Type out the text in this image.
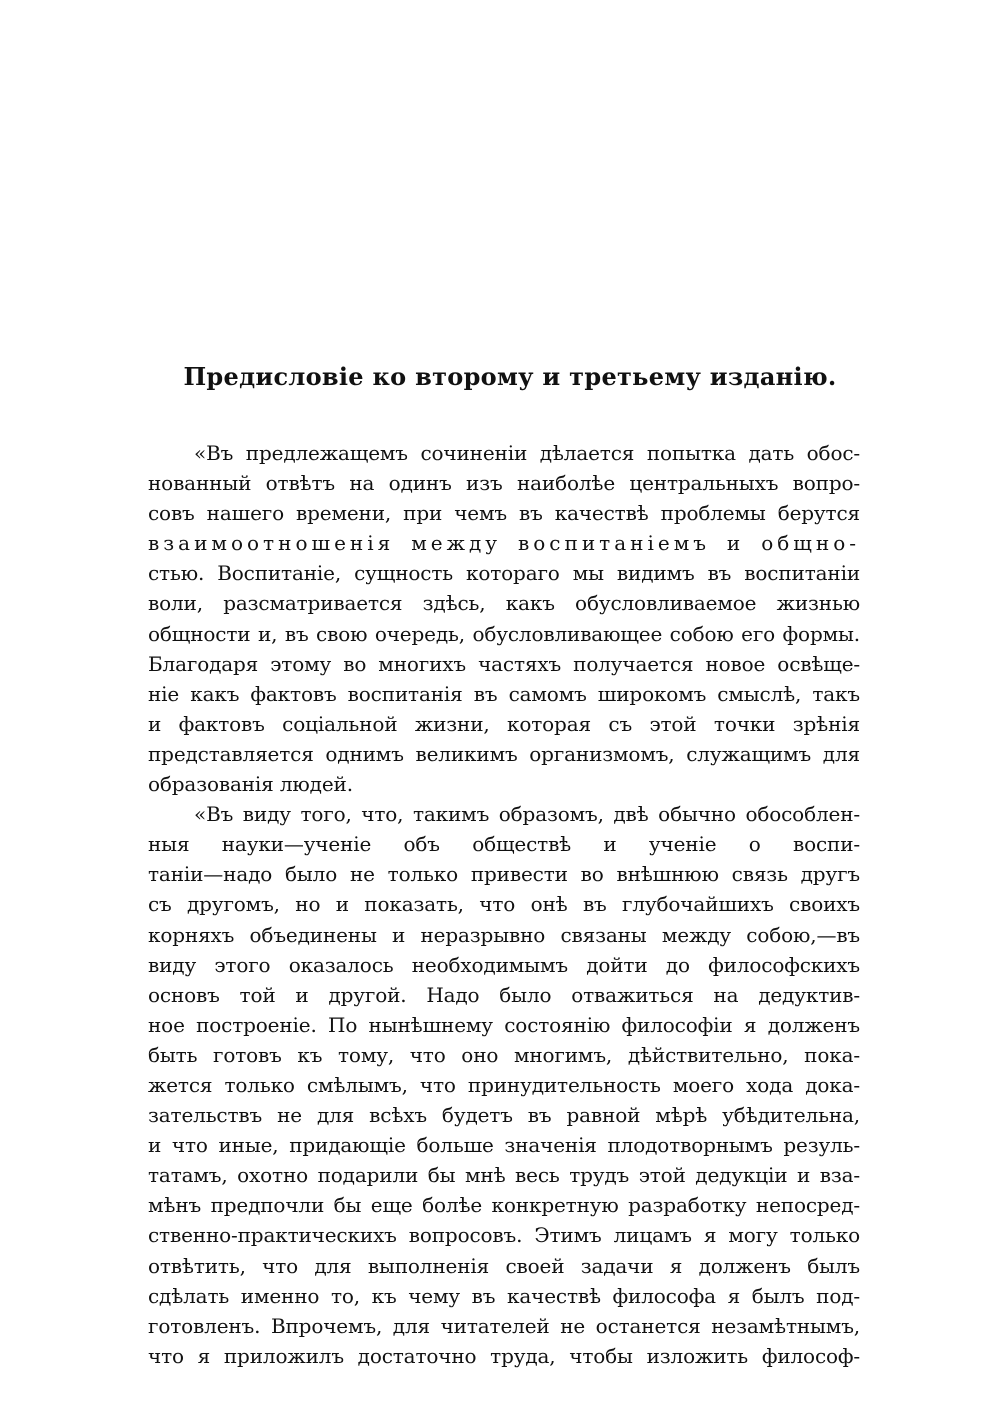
Предисловіе ко второму и третьему изданію.
«Въ предлежащемъ сочиненіи дѣлается попытка дать обос-
нованный отвѣтъ на одинъ изъ наиболѣе центральныхъ вопро-
совъ нашего времени, при чемъ въ качествѣ проблемы берутся
взаимоотношенія между воспитаніемъ и общно-
стью. Воспитаніе, сущность котораго мы видимъ въ воспитаніи
воли, разсматривается здѣсь, какъ обусловливаемое жизнью
общности и, въ свою очередь, обусловливающее собою его формы.
Благодаря этому во многихъ частяхъ получается новое освѣще-
ніе какъ фактовъ воспитанія въ самомъ широкомъ смыслѣ, такъ
и фактовъ соціальной жизни, которая съ этой точки зрѣнія
представляется однимъ великимъ организмомъ, служащимъ для
образованія людей.
«Въ виду того, что, такимъ образомъ, двѣ обычно обособлен-
ныя науки—ученіе объ обществѣ и ученіе о воспи-
таніи—надо было не только привести во внѣшнюю связь другъ
съ другомъ, но и показать, что онѣ въ глубочайшихъ своихъ
корняхъ объединены и неразрывно связаны между собою,—въ
виду этого оказалось необходимымъ дойти до философскихъ
основъ той и другой. Надо было отважиться на дедуктив-
ное построеніе. По нынѣшнему состоянію философіи я долженъ
быть готовъ къ тому, что оно многимъ, дѣйствительно, пока-
жется только смѣлымъ, что принудительность моего хода дока-
зательствъ не для всѣхъ будетъ въ равной мѣрѣ убѣдительна,
и что иные, придающіе больше значенія плодотворнымъ резуль-
татамъ, охотно подарили бы мнѣ весь трудъ этой дедукціи и вза-
мѣнъ предпочли бы еще болѣе конкретную разработку непосред-
ственно-практическихъ вопросовъ. Этимъ лицамъ я могу только
отвѣтить, что для выполненія своей задачи я долженъ былъ
сдѣлать именно то, къ чему въ качествѣ философа я былъ под-
готовленъ. Впрочемъ, для читателей не останется незамѣтнымъ,
что я приложилъ достаточно труда, чтобы изложить философ-
